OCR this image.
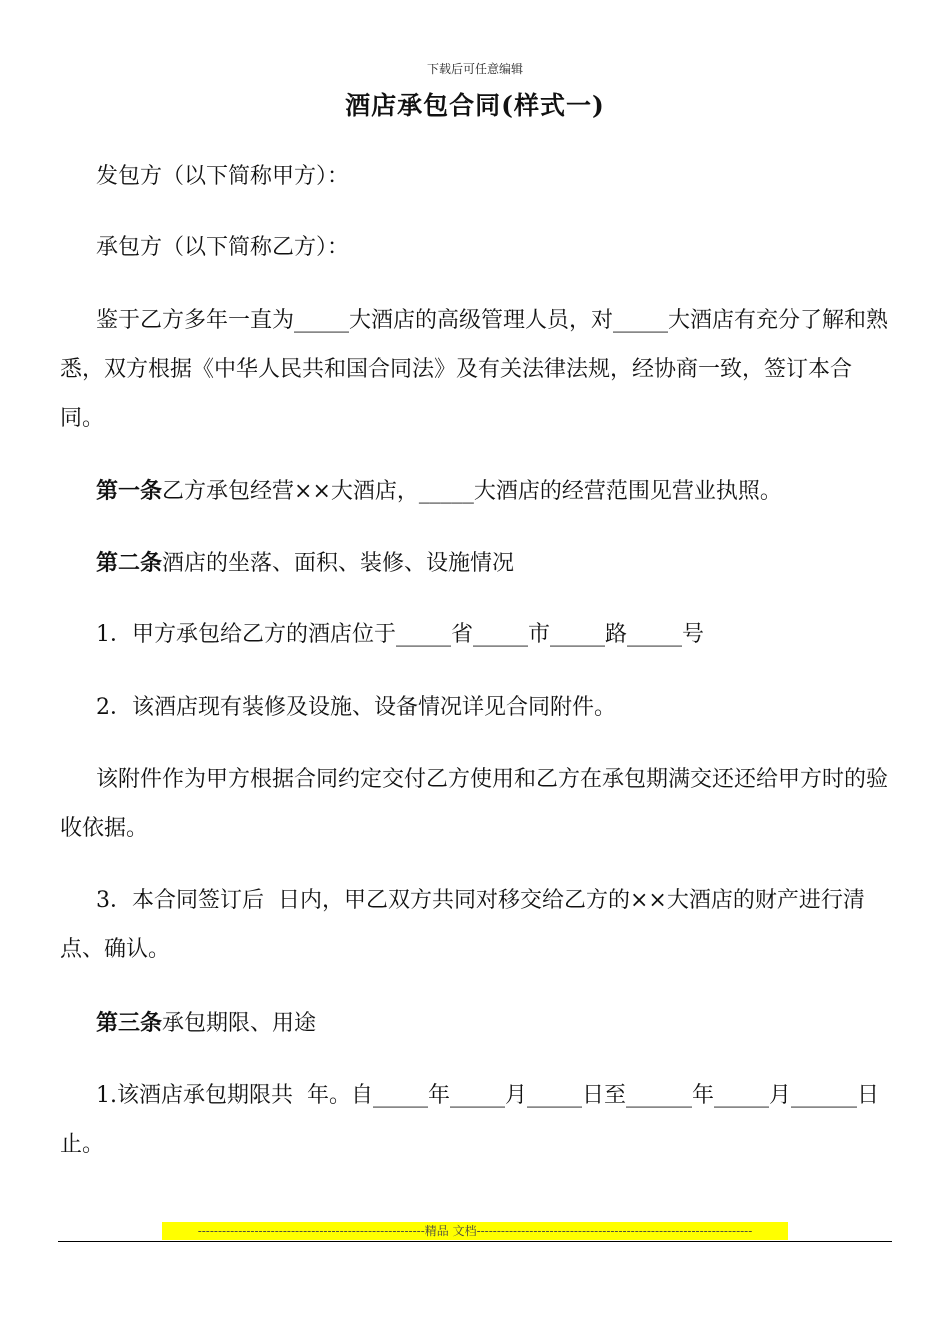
下载后可任意编辑
酒店承包合同(样式一)

发包方（以下简称甲方）：

承包方（以下简称乙方）：

鉴于乙方多年一直为_____大酒店的高级管理人员，对_____大酒店有充分了解和熟悉，双方根据《中华人民共和国合同法》及有关法律法规，经协商一致，签订本合同。

第一条乙方承包经营××大酒店，_____大酒店的经营范围见营业执照。

第二条酒店的坐落、面积、装修、设施情况

1．甲方承包给乙方的酒店位于_____省_____市_____路_____号

2．该酒店现有装修及设施、设备情况详见合同附件。

该附件作为甲方根据合同约定交付乙方使用和乙方在承包期满交还还给甲方时的验收依据。

3．本合同签订后  日内，甲乙双方共同对移交给乙方的××大酒店的财产进行清点、确认。

第三条承包期限、用途

1.该酒店承包期限共  年。自_____年_____月_____日至______年_____月______日止。

--------------------------------------------------------精品 文档--------------------------------------------------------------------
